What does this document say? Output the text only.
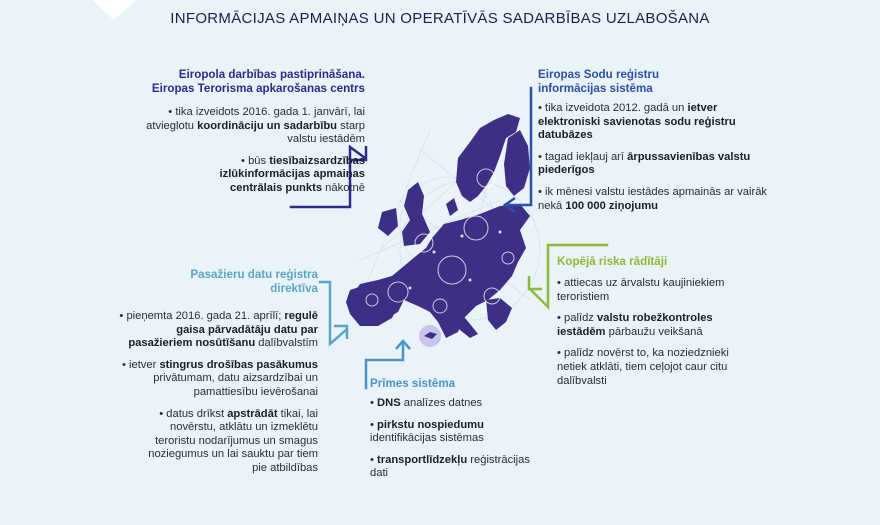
INFORMĀCIJAS APMAIŅAS UN OPERATĪVĀS SADARBĪBAS UZLABOŠANA
Eiropola darbības pastiprināšana.
Eiropas Terorisma apkarošanas centrs
• tika izveidots 2016. gada 1. janvārī, lai atvieglotu koordināciju un sadarbību starp valstu iestādēm
• būs tiesībaizsardzības izlūkinformācijas apmaiņas centrālais punkts nākotnē
Eiropas Sodu reģistru
informācijas sistēma
• tika izveidota 2012. gadā un ietver elektroniski savienotas sodu reģistru datubāzes
• tagad iekļauj arī ārpussavienības valstu piederīgos
• ik mēnesi valstu iestādes apmainās ar vairāk nekā 100 000 ziņojumu
Pasažieru datu reģistra
direktīva
• pieņemta 2016. gada 21. aprīlī; regulē gaisa pārvadātāju datu par pasažieriem nosūtīšanu dalībvalstīm
• ietver stingrus drošības pasākumus privātumam, datu aizsardzībai un pamattiesību ievērošanai
• datus drīkst apstrādāt tikai, lai novērstu, atklātu un izmeklētu teroristu nodarījumus un smagus noziegumus un lai sauktu par tiem pie atbildības
Kopējā riska rādītāji
• attiecas uz ārvalstu kaujiniekiem teroristiem
• palīdz valstu robežkontroles iestādēm pārbaužu veikšanā
• palīdz novērst to, ka noziedznieki netiek atklāti, tiem ceļojot caur citu dalībvalsti
Prīmes sistēma
• DNS analīzes datnes
• pirkstu nospiedumu identifikācijas sistēmas
• transportlīdzekļu reģistrācijas dati
